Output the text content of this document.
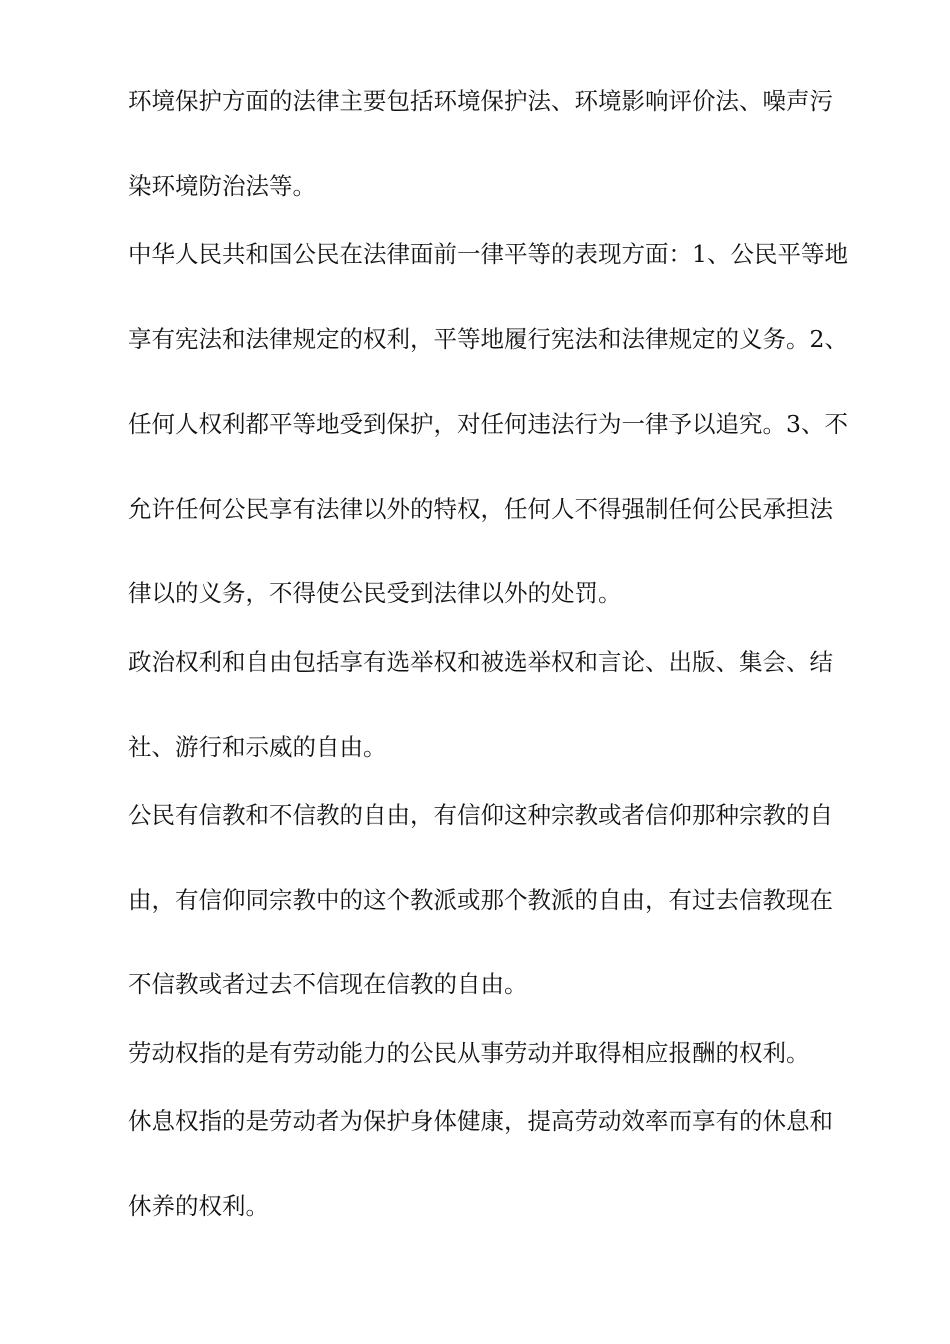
环境保护方面的法律主要包括环境保护法、环境影响评价法、噪声污
染环境防治法等。
中华人民共和国公民在法律面前一律平等的表现方面：1、公民平等地
享有宪法和法律规定的权利，平等地履行宪法和法律规定的义务。2、
任何人权利都平等地受到保护，对任何违法行为一律予以追究。3、不
允许任何公民享有法律以外的特权，任何人不得强制任何公民承担法
律以的义务，不得使公民受到法律以外的处罚。
政治权利和自由包括享有选举权和被选举权和言论、出版、集会、结
社、游行和示威的自由。
公民有信教和不信教的自由，有信仰这种宗教或者信仰那种宗教的自
由，有信仰同宗教中的这个教派或那个教派的自由，有过去信教现在
不信教或者过去不信现在信教的自由。
劳动权指的是有劳动能力的公民从事劳动并取得相应报酬的权利。
休息权指的是劳动者为保护身体健康，提高劳动效率而享有的休息和
休养的权利。
